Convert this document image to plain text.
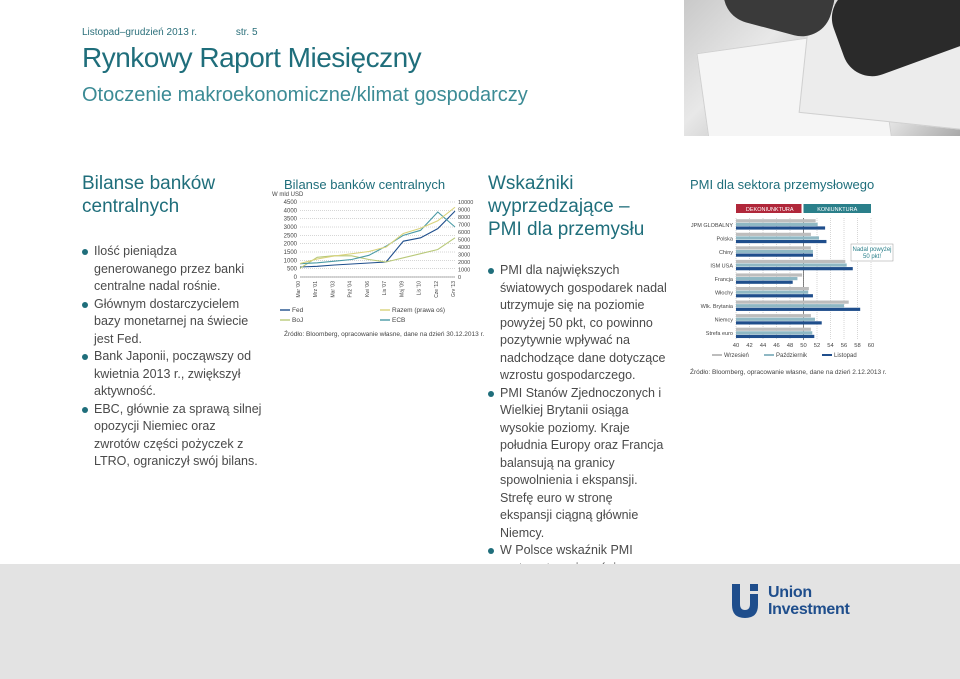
Listopad–grudzień 2013 r.	str. 5
Rynkowy Raport Miesięczny
Otoczenie makroekonomiczne/klimat gospodarczy
Bilanse banków
centralnych
Ilość pieniądza generowanego przez banki centralne nadal rośnie.
Głównym dostarczycielem bazy monetarnej na świecie jest Fed.
Bank Japonii, począwszy od kwietnia 2013 r., zwiększył aktywność.
EBC, głównie za sprawą silnej opozycji Niemiec oraz zwrotów części pożyczek z LTRO, ograniczył swój bilans.
Bilanse banków centralnych
W mld USD
4500
4000
3500
3000
2500
2000
1500
1000
500
0
10000
9000
8000
7000
6000
5000
4000
3000
2000
1000
0
Mar '00 Mrz '01 Mar '03 Paź '04 Kwi '06 Lis '07 Maj '09 Lis '10 Cze '12 Grv '13
Fed	Razem (prawa oś)
BoJ	ECB
Źródło: Bloomberg, opracowanie własne, dane na dzień 30.12.2013 r.
Wskaźniki
wyprzedzające –
PMI dla przemysłu
PMI dla największych światowych gospodarek nadal utrzymuje się na poziomie powyżej 50 pkt, co powinno pozytywnie wpływać na nadchodzące dane dotyczące wzrostu gospodarczego.
PMI Stanów Zjednoczonych i Wielkiej Brytanii osiąga wysokie poziomy. Kraje południa Europy oraz Francja balansują na granicy spowolnienia i ekspansji. Strefę euro w stronę ekspansji ciągną głównie Niemcy.
W Polsce wskaźnik PMI
PMI dla sektora przemysłowego
DEKONIUNKTURA	KONIUNKTURA
40 42 44 46 48 50 52 54 56 58 60
JPM GLOBALNY
Polska
Chiny
ISM USA
Francja
Włochy
Wlk. Brytania
Niemcy
Strefa euro
Nadal powyżej
50 pkt!
Wrzesień	Październik	Listopad
Źródło: Bloomberg, opracowanie własne, dane na dzień 2.12.2013 r.
Union
Investment
